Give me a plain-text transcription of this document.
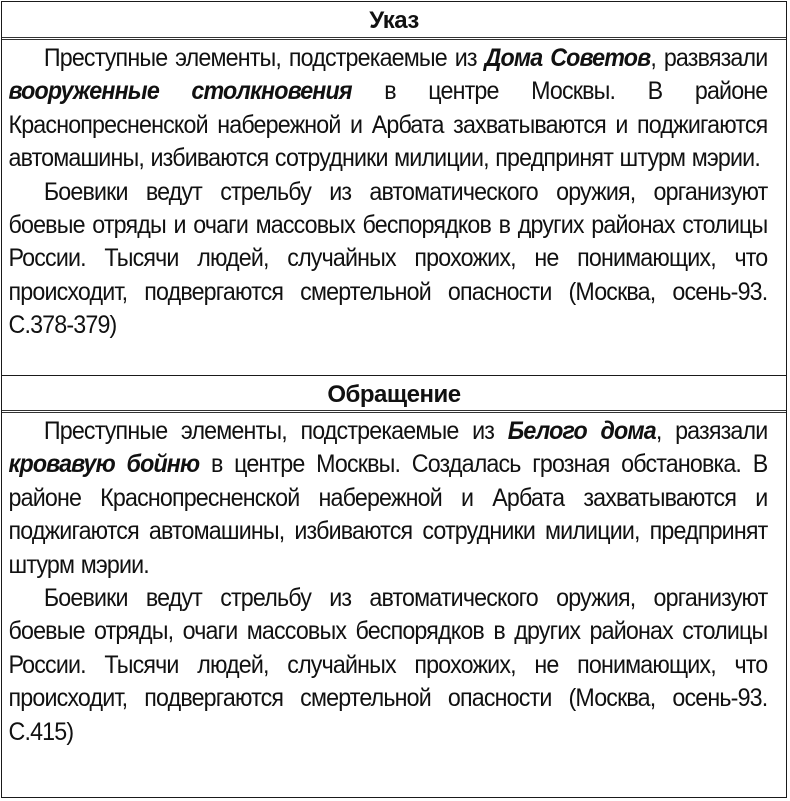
Указ

Преступные элементы, подстрекаемые из Дома Советов, развязали вооруженные столкновения в центре Москвы. В районе Краснопресненской набережной и Арбата захватываются и поджигаются автомашины, избиваются сотрудники милиции, предпринят штурм мэрии.

Боевики ведут стрельбу из автоматического оружия, организуют боевые отряды и очаги массовых беспорядков в других районах столицы России. Тысячи людей, случайных прохожих, не понимающих, что происходит, подвергаются смертельной опасности (Москва, осень-93. С.378-379)

Обращение

Преступные элементы, подстрекаемые из Белого дома, разязали кровавую бойню в центре Москвы. Создалась грозная обстановка. В районе Краснопресненской набережной и Арбата захватываются и поджигаются автомашины, избиваются сотрудники милиции, предпринят штурм мэрии.

Боевики ведут стрельбу из автоматического оружия, организуют боевые отряды, очаги массовых беспорядков в других районах столицы России. Тысячи людей, случайных прохожих, не понимающих, что происходит, подвергаются смертельной опасности (Москва, осень-93. С.415)
